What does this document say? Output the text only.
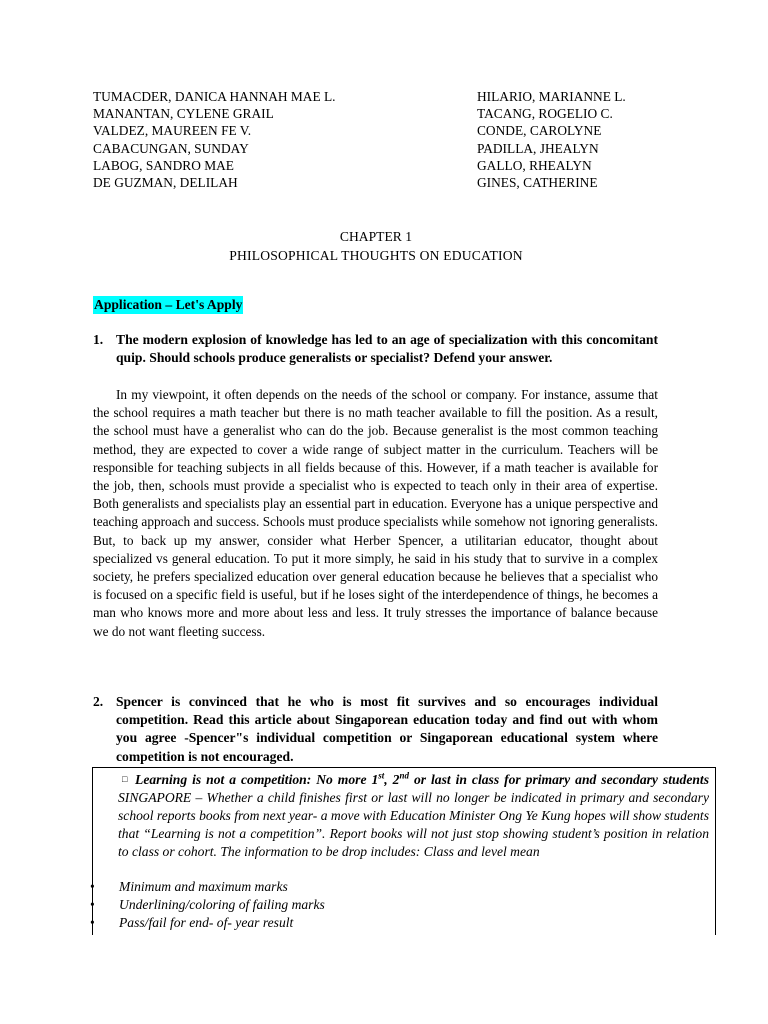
TUMACDER, DANICA HANNAH MAE L.	HILARIO, MARIANNE L.
MANANTAN, CYLENE GRAIL	TACANG, ROGELIO C.
VALDEZ, MAUREEN FE V.	CONDE, CAROLYNE
CABACUNGAN, SUNDAY	PADILLA, JHEALYN
LABOG, SANDRO MAE	GALLO, RHEALYN
DE GUZMAN, DELILAH	GINES, CATHERINE
CHAPTER 1
PHILOSOPHICAL THOUGHTS ON EDUCATION
Application – Let's Apply
1. The modern explosion of knowledge has led to an age of specialization with this concomitant quip. Should schools produce generalists or specialist? Defend your answer.
In my viewpoint, it often depends on the needs of the school or company. For instance, assume that the school requires a math teacher but there is no math teacher available to fill the position. As a result, the school must have a generalist who can do the job. Because generalist is the most common teaching method, they are expected to cover a wide range of subject matter in the curriculum. Teachers will be responsible for teaching subjects in all fields because of this. However, if a math teacher is available for the job, then, schools must provide a specialist who is expected to teach only in their area of expertise. Both generalists and specialists play an essential part in education. Everyone has a unique perspective and teaching approach and success. Schools must produce specialists while somehow not ignoring generalists. But, to back up my answer, consider what Herber Spencer, a utilitarian educator, thought about specialized vs general education. To put it more simply, he said in his study that to survive in a complex society, he prefers specialized education over general education because he believes that a specialist who is focused on a specific field is useful, but if he loses sight of the interdependence of things, he becomes a man who knows more and more about less and less. It truly stresses the importance of balance because we do not want fleeting success.
2. Spencer is convinced that he who is most fit survives and so encourages individual competition. Read this article about Singaporean education today and find out with whom you agree -Spencer"s individual competition or Singaporean educational system where competition is not encouraged.
□ Learning is not a competition: No more 1st, 2nd or last in class for primary and secondary students SINGAPORE – Whether a child finishes first or last will no longer be indicated in primary and secondary school reports books from next year- a move with Education Minister Ong Ye Kung hopes will show students that “Learning is not a competition”. Report books will not just stop showing student’s position in relation to class or cohort. The information to be drop includes: Class and level mean
• Minimum and maximum marks
• Underlining/coloring of failing marks
• Pass/fail for end- of- year result
